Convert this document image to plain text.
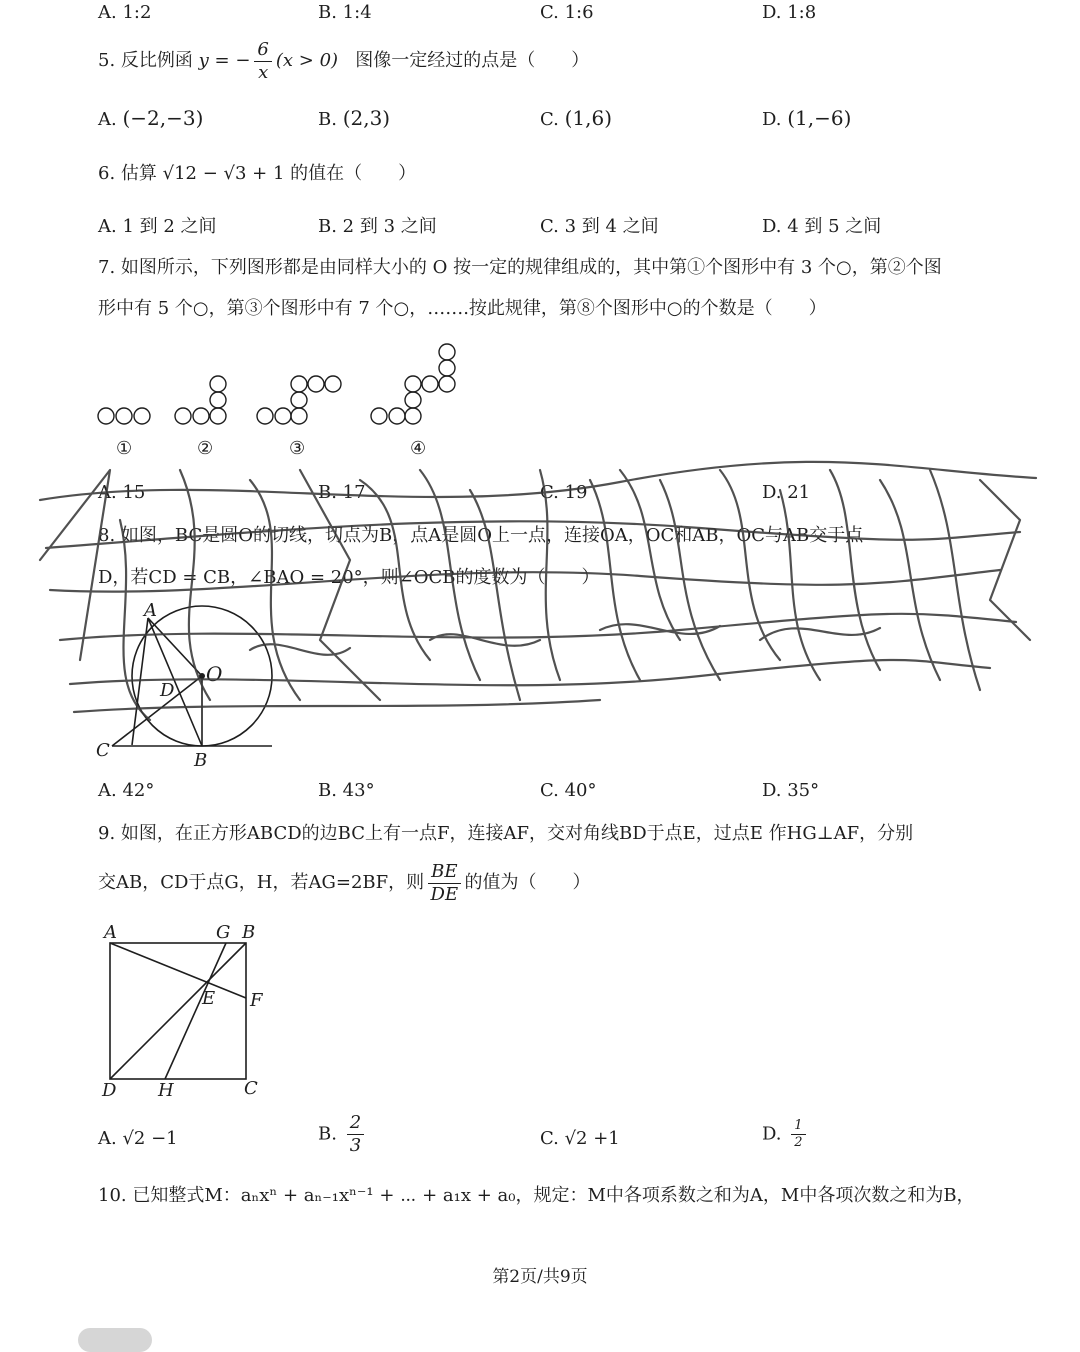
A. 1:2	B. 1:4	C. 1:6	D. 1:8
5. 反比例函 y = − $\frac{6}{x} (x > 0)$ 图像一定经过的点是（　　）
A. (−2,−3)	B. (2,3)	C. (1,6)	D. (1,−6)
6. 估算 √12 − √3 + 1 的值在（　　）
A. 1 到 2 之间	B. 2 到 3 之间	C. 3 到 4 之间	D. 4 到 5 之间
7. 如图所示，下列图形都是由同样大小的 O 按一定的规律组成的，其中第①个图形中有 3 个○，第②个图
形中有 5 个○，第③个图形中有 7 个○，…….按此规律，第⑧个图形中○的个数是（　　）
①	②	③	④
A. 15	B. 17	C. 19	D. 21
8. 如图，BC是圆O的切线，切点为B，点A是圆O上一点，连接OA，OC和AB，OC与AB交于点
D，若CD = CB，∠BAO = 20°，则∠OCB的度数为（　　）
A
O
D
C	B
A. 42°	B. 43°	C. 40°	D. 35°
9. 如图，在正方形ABCD的边BC上有一点F，连接AF，交对角线BD于点E，过点E 作HG⊥AF，分别
交AB，CD于点G，H，若AG=2BF，则 $\frac{BE}{DE}$ 的值为（　　）
A	G B
E F
D H	C
A. √2 −1	B. $\frac{2}{3}$	C. √2 +1	D. $\frac{1}{2}$
10. 已知整式M：aₙxⁿ + aₙ₋₁xⁿ⁻¹ + ⋯ + a₁x + a₀，规定：M中各项系数之和为A，M中各项次数之和为B，
第2页/共9页
